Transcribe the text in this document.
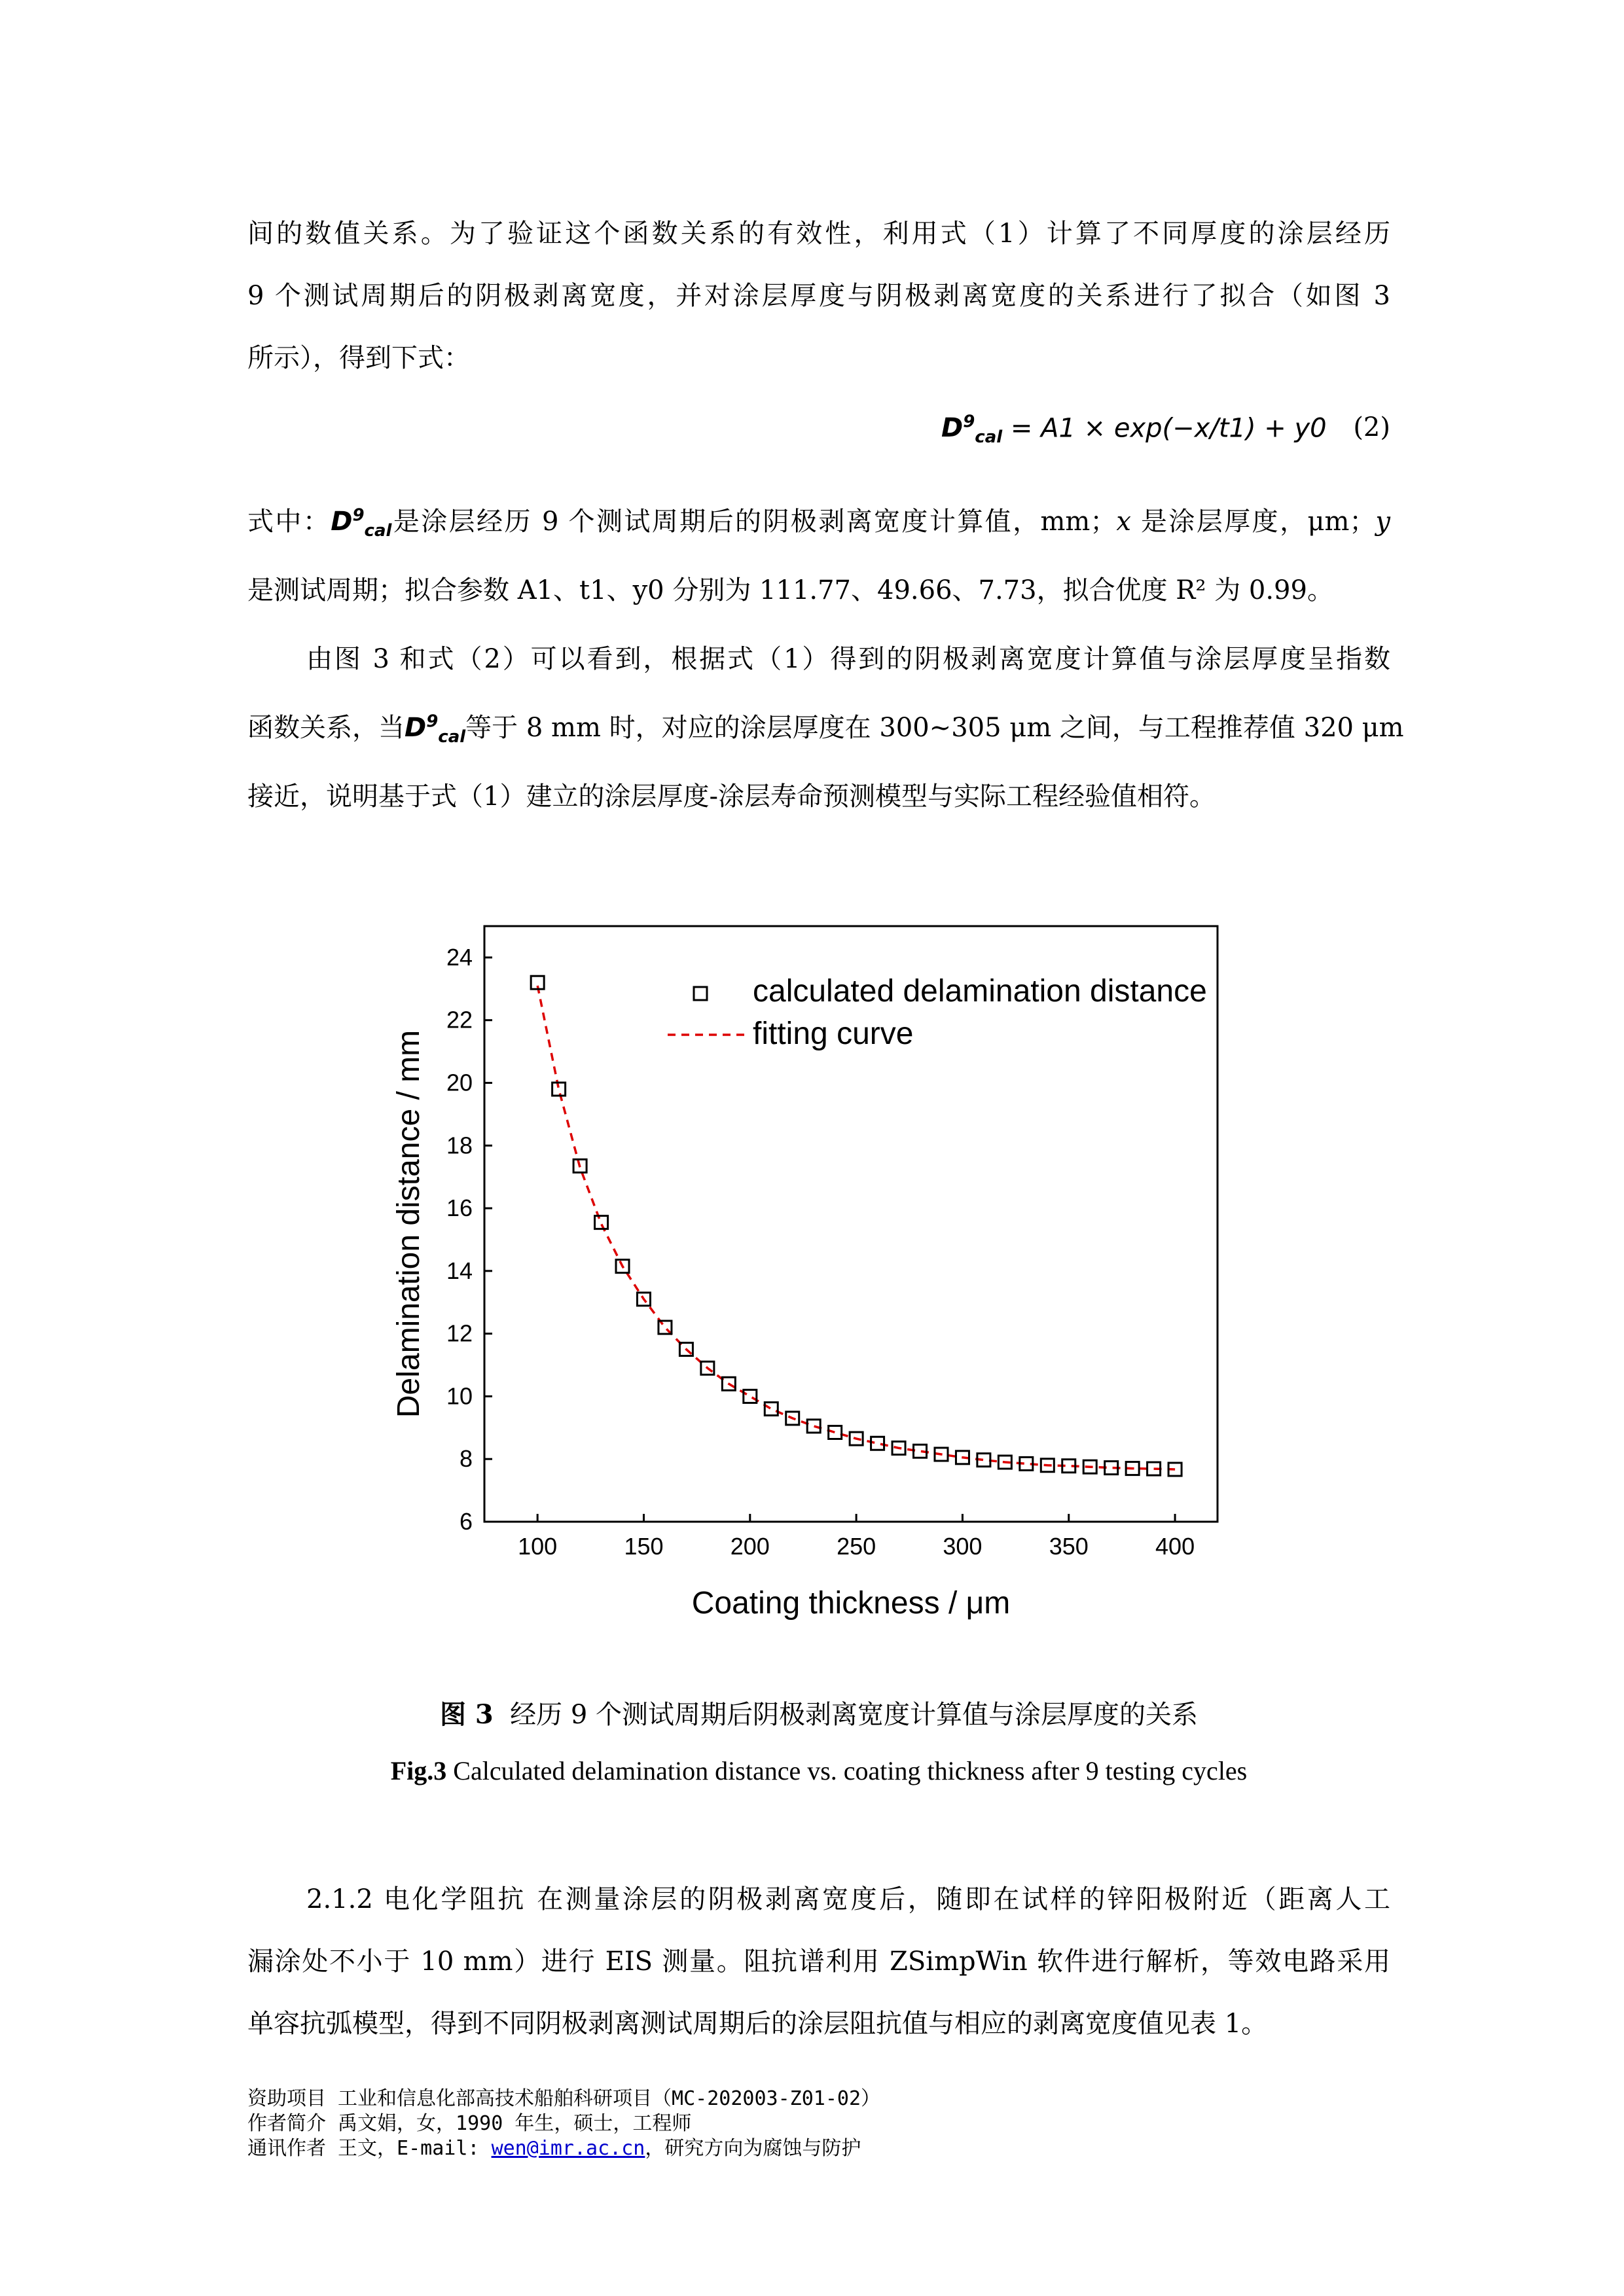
间的数值关系。为了验证这个函数关系的有效性，利用式（1）计算了不同厚度的涂层经历
9 个测试周期后的阴极剥离宽度，并对涂层厚度与阴极剥离宽度的关系进行了拟合（如图 3
所示），得到下式：
$D^9_{cal} = A1 \times \exp(-x/t1) + y0$ (2)
式中：$D^9_{cal}$是涂层经历 9 个测试周期后的阴极剥离宽度计算值，mm；x 是涂层厚度，μm；y
是测试周期；拟合参数 A1、t1、y0 分别为 111.77、49.66、7.73，拟合优度 R² 为 0.99。
由图 3 和式（2）可以看到，根据式（1）得到的阴极剥离宽度计算值与涂层厚度呈指数
函数关系，当$D^9_{cal}$等于 8 mm 时，对应的涂层厚度在 300~305 μm 之间，与工程推荐值 320 μm
接近，说明基于式（1）建立的涂层厚度-涂层寿命预测模型与实际工程经验值相符。
100	150	200	250	300	350	400
6
8
10
12
14
16
18
20
22
24
Coating thickness / μm
Delamination distance / mm
calculated delamination distance
fitting curve
图 3 经历 9 个测试周期后阴极剥离宽度计算值与涂层厚度的关系
Fig.3 Calculated delamination distance vs. coating thickness after 9 testing cycles
2.1.2 电化学阻抗 在测量涂层的阴极剥离宽度后，随即在试样的锌阳极附近（距离人工
漏涂处不小于 10 mm）进行 EIS 测量。阻抗谱利用 ZSimpWin 软件进行解析，等效电路采用
单容抗弧模型，得到不同阴极剥离测试周期后的涂层阻抗值与相应的剥离宽度值见表 1。
资助项目 工业和信息化部高技术船舶科研项目（MC-202003-Z01-02）
作者简介 禹文娟，女，1990 年生，硕士，工程师
通讯作者 王文，E-mail: wen@imr.ac.cn，研究方向为腐蚀与防护
